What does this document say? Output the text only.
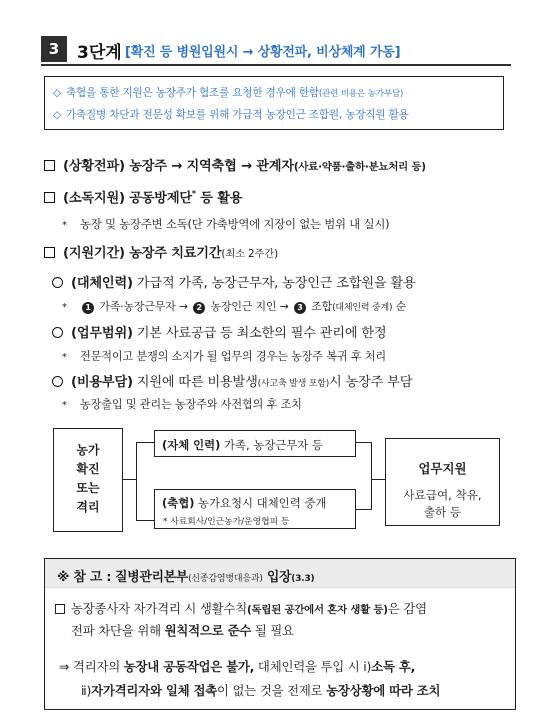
3	3단계 [확진 등 병원입원시 → 상황전파, 비상체계 가동]
◇ 축협을 통한 지원은 농장주가 협조를 요청한 경우에 한함(관련 비용은 농가부담)
◇ 가축질병 차단과 전문성 확보를 위해 가급적 농장인근 조합원, 농장직원 활용
(상황전파) 농장주 → 지역축협 → 관계자(사료·약품·출하·분뇨처리 등)
(소독지원) 공동방제단* 등 활용
* 농장 및 농장주변 소독(단 가축방역에 지장이 없는 범위 내 실시)
(지원기간) 농장주 치료기간(최소 2주간)
(대체인력) 가급적 가족, 농장근무자, 농장인근 조합원을 활용
* 1 가족·농장근무자 → 2 농장인근 지인 → 3 조합(대체인력 중계) 순
(업무범위) 기본 사료공급 등 최소한의 필수 관리에 한정
* 전문적이고 분쟁의 소지가 될 업무의 경우는 농장주 복귀 후 처리
(비용부담) 지원에 따른 비용발생(사고축 발생 포함)시 농장주 부담
* 농장출입 및 관리는 농장주와 사전협의 후 조치
농가
확진
또는
격리
(자체 인력) 가족, 농장근무자 등
(축협) 농가요청시 대체인력 중개
* 사료회사/인근농가/운영협피 등
업무지원
사료급여, 착유,
출하 등
※ 참 고 : 질병관리본부(신종감염병대응과) 입장(3.3)
농장종사자 자가격리 시 생활수칙(독립된 공간에서 혼자 생활 등)은 감염
전파 차단을 위해 원칙적으로 준수 될 필요
⇒ 격리자의 농장내 공동작업은 불가, 대체인력을 투입 시 ⅰ)소독 후,
ⅱ)자가격리자와 일체 접촉이 없는 것을 전제로 농장상황에 따라 조치
